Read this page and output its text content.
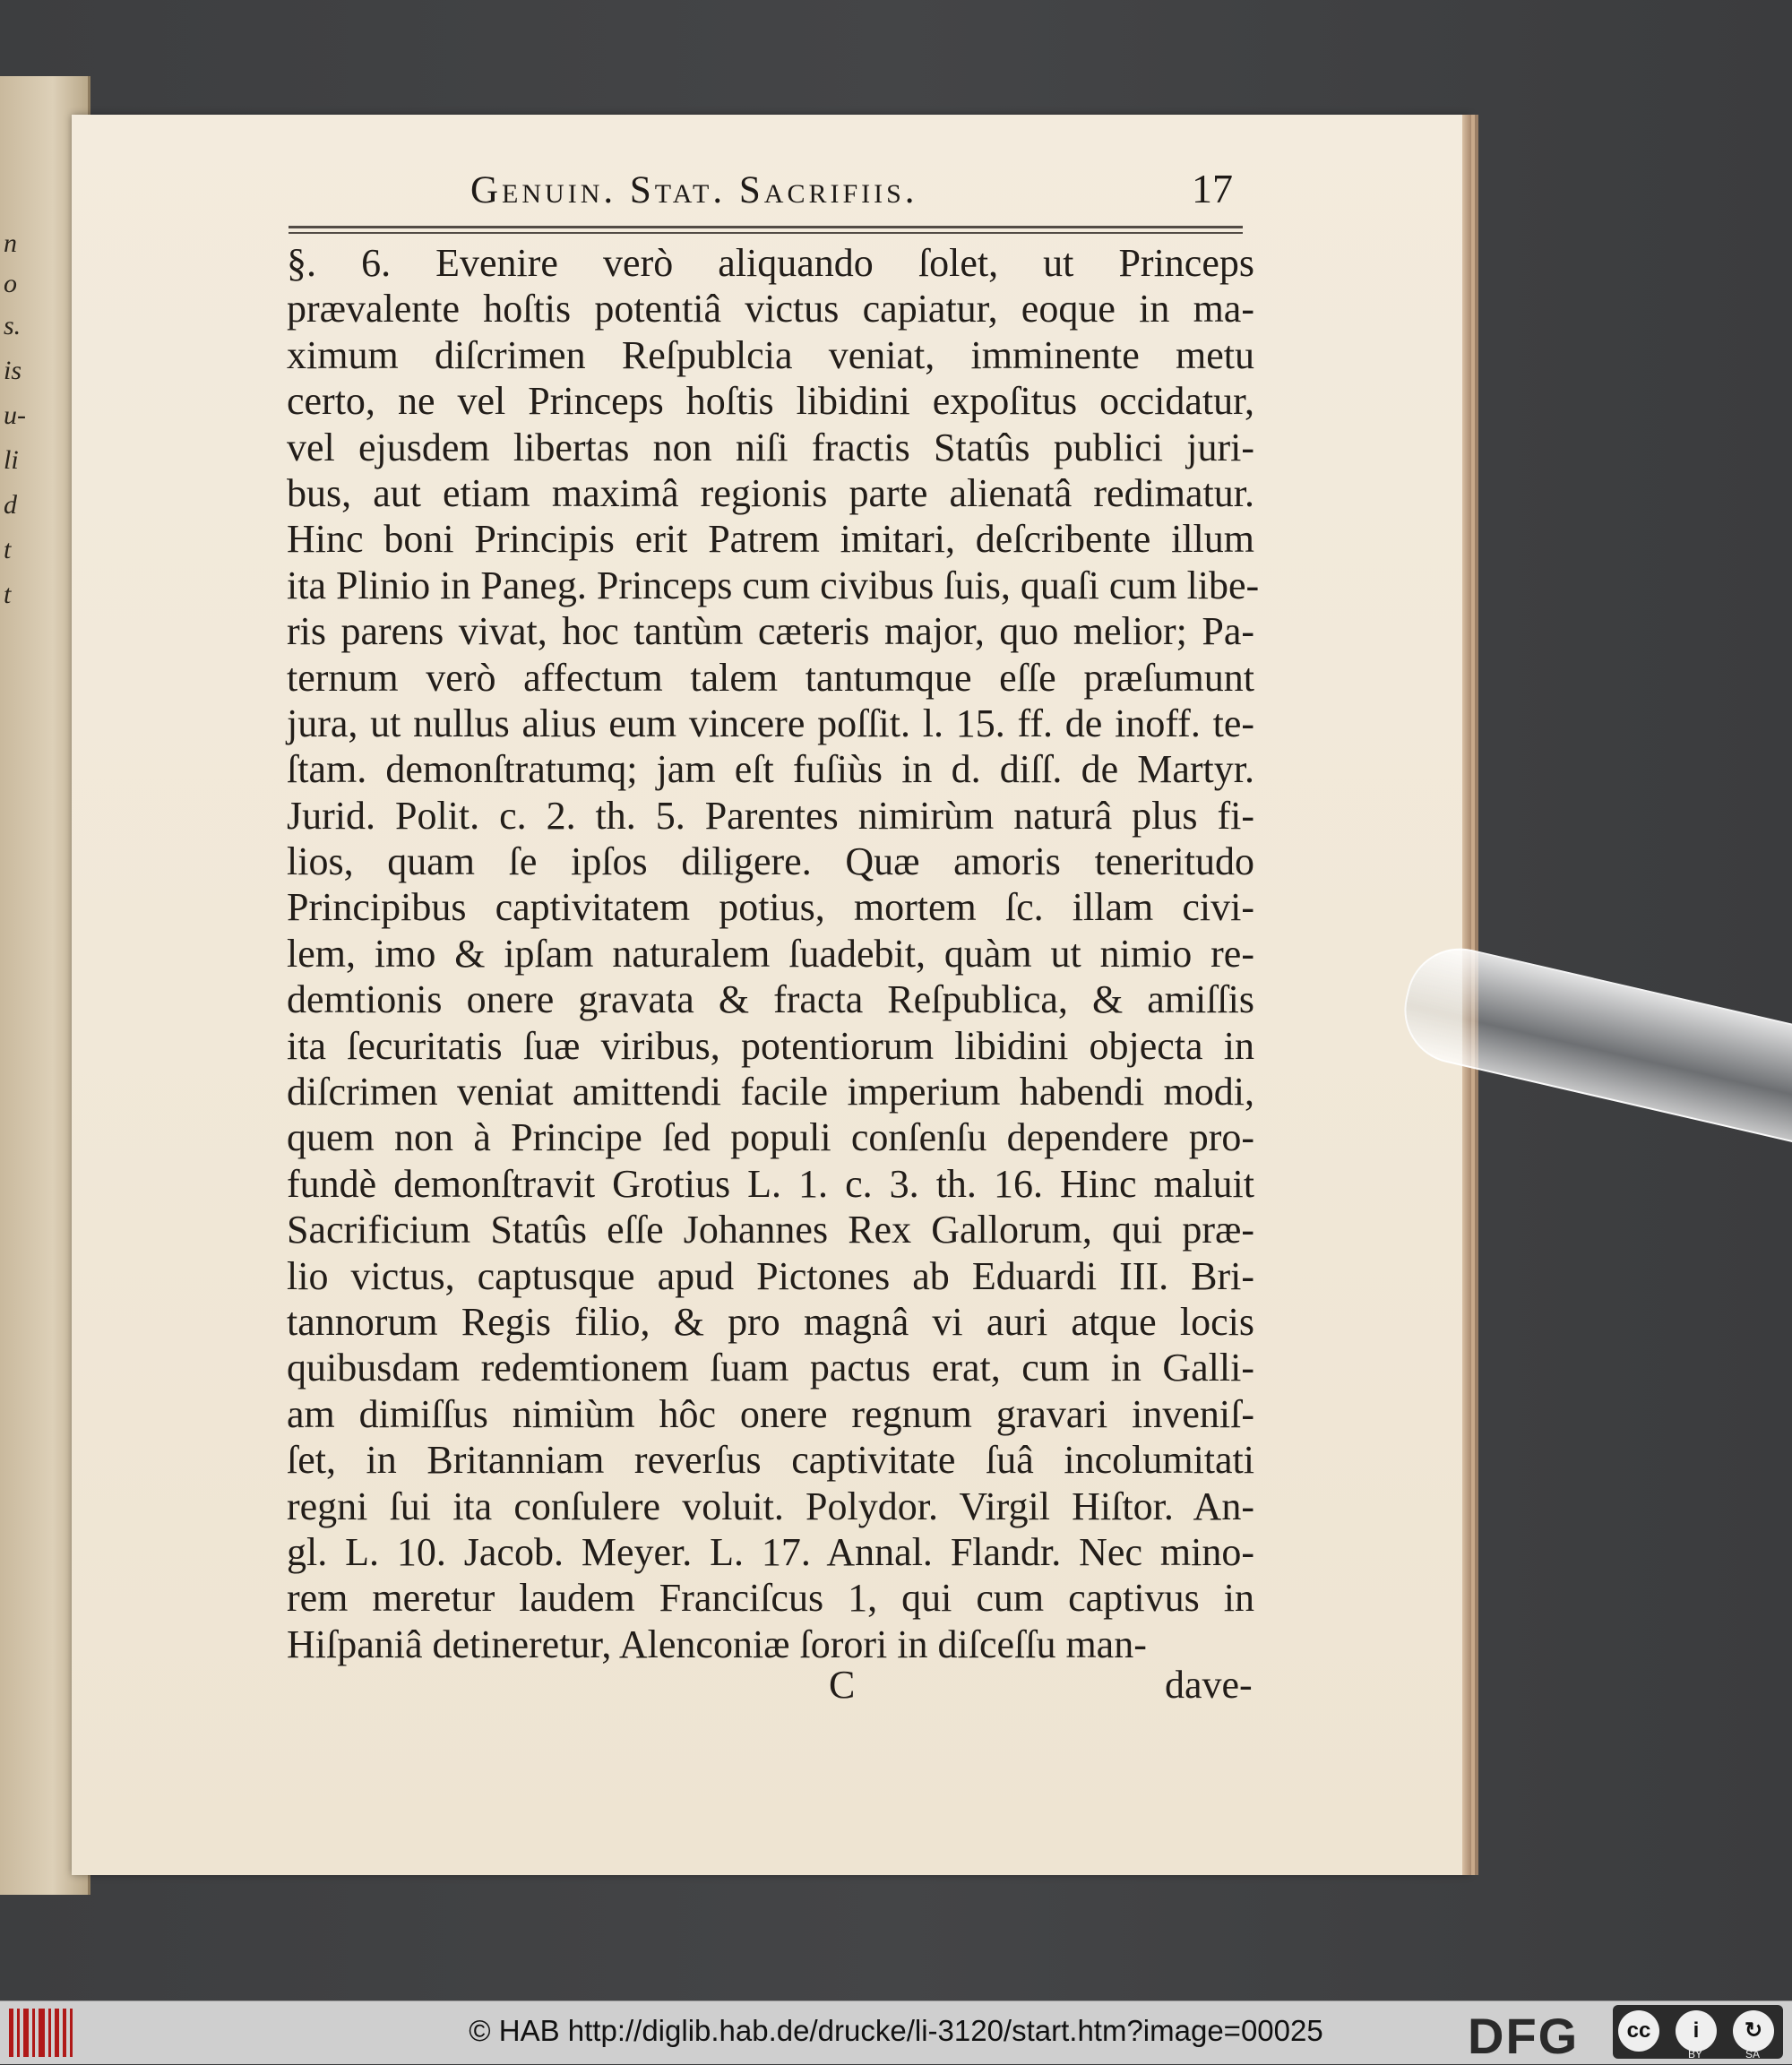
n
o
s.
is
u-
li
d
t
t
Genuin. Stat. Sacrifiis.	17
§. 6. Evenire verò aliquando ſolet, ut Princeps
prævalente hoſtis potentiâ victus capiatur, eoque in ma-
ximum diſcrimen Reſpublcia veniat, imminente metu
certo, ne vel Princeps hoſtis libidini expoſitus occidatur,
vel ejusdem libertas non niſi fractis Statûs publici juri-
bus, aut etiam maximâ regionis parte alienatâ redimatur.
Hinc boni Principis erit Patrem imitari, deſcribente illum
ita Plinio in Paneg. Princeps cum civibus ſuis, quaſi cum libe-
ris parens vivat, hoc tantùm cæteris major, quo melior; Pa-
ternum verò affectum talem tantumque eſſe præſumunt
jura, ut nullus alius eum vincere poſſit. l. 15. ff. de inoff. te-
ſtam. demonſtratumq; jam eſt fuſiùs in d. diſſ. de Martyr.
Jurid. Polit. c. 2. th. 5. Parentes nimirùm naturâ plus fi-
lios, quam ſe ipſos diligere. Quæ amoris teneritudo
Principibus captivitatem potius, mortem ſc. illam civi-
lem, imo & ipſam naturalem ſuadebit, quàm ut nimio re-
demtionis onere gravata & fracta Reſpublica, & amiſſis
ita ſecuritatis ſuæ viribus, potentiorum libidini objecta in
diſcrimen veniat amittendi facile imperium habendi modi,
quem non à Principe ſed populi conſenſu dependere pro-
fundè demonſtravit Grotius L. 1. c. 3. th. 16. Hinc maluit
Sacrificium Statûs eſſe Johannes Rex Gallorum, qui præ-
lio victus, captusque apud Pictones ab Eduardi III. Bri-
tannorum Regis filio, & pro magnâ vi auri atque locis
quibusdam redemtionem ſuam pactus erat, cum in Galli-
am dimiſſus nimiùm hôc onere regnum gravari inveniſ-
ſet, in Britanniam reverſus captivitate ſuâ incolumitati
regni ſui ita conſulere voluit. Polydor. Virgil Hiſtor. An-
gl. L. 10. Jacob. Meyer. L. 17. Annal. Flandr. Nec mino-
rem meretur laudem Franciſcus 1, qui cum captivus in
Hiſpaniâ detineretur, Alenconiæ ſorori in diſceſſu man-
C	dave-
© HAB http://diglib.hab.de/drucke/li-3120/start.htm?image=00025	DFG	cc	i	↻
BY	SA
